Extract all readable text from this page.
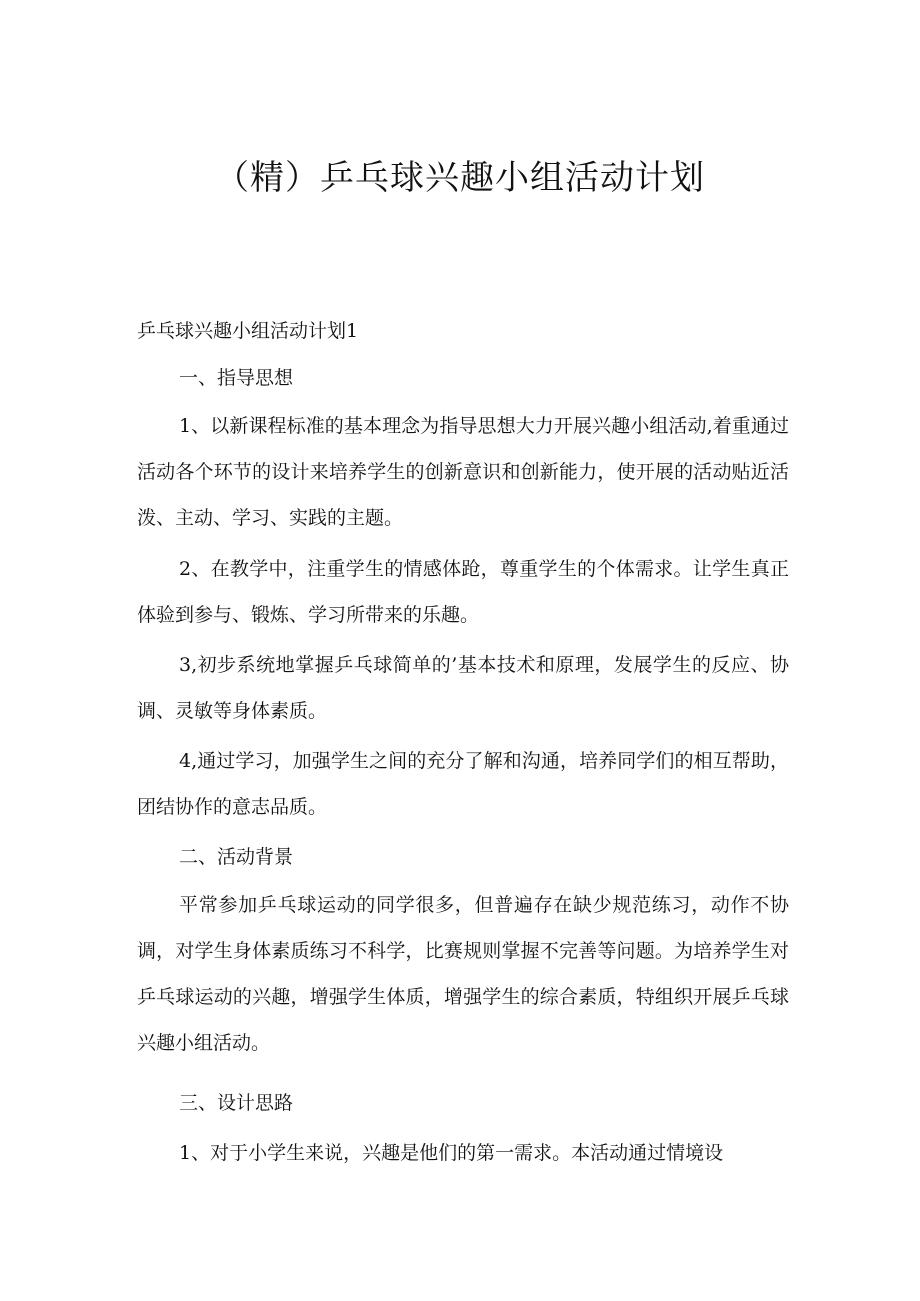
（精）乒乓球兴趣小组活动计划

乒乓球兴趣小组活动计划1

一、指导思想

1、以新课程标准的基本理念为指导思想大力开展兴趣小组活动,着重通过活动各个环节的设计来培养学生的创新意识和创新能力，使开展的活动贴近活泼、主动、学习、实践的主题。

2、在教学中，注重学生的情感体跄，尊重学生的个体需求。让学生真正体验到参与、锻炼、学习所带来的乐趣。

3,初步系统地掌握乒乓球简单的’基本技术和原理，发展学生的反应、协调、灵敏等身体素质。

4,通过学习，加强学生之间的充分了解和沟通，培养同学们的相互帮助，团结协作的意志品质。

二、活动背景

平常参加乒乓球运动的同学很多，但普遍存在缺少规范练习，动作不协调，对学生身体素质练习不科学，比赛规则掌握不完善等问题。为培养学生对乒乓球运动的兴趣，增强学生体质，增强学生的综合素质，特组织开展乒乓球兴趣小组活动。

三、设计思路

1、对于小学生来说，兴趣是他们的第一需求。本活动通过情境设
